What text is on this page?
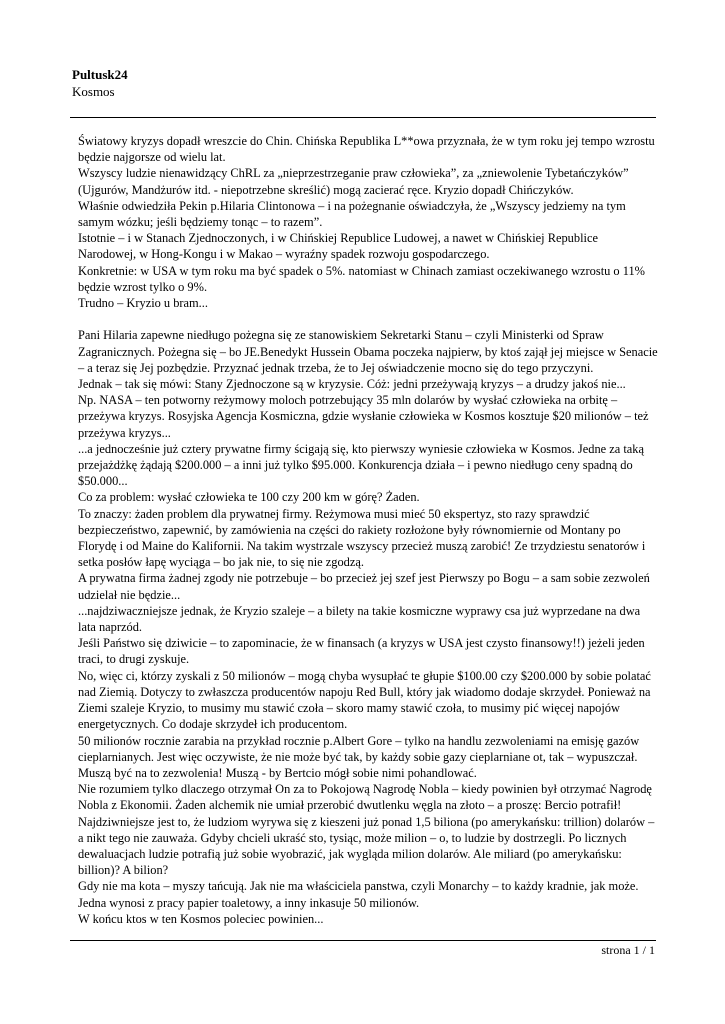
Pultusk24
Kosmos

Światowy kryzys dopadł wreszcie do Chin. Chińska Republika L**owa przyznała, że w tym roku jej tempo wzrostu będzie najgorsze od wielu lat.

Wszyscy ludzie nienawidzący ChRL za „nieprzestrzeganie praw człowieka”, za „zniewolenie Tybetańczyków” (Ujgurów, Mandżurów itd. - niepotrzebne skreślić) mogą zacierać ręce. Kryzio dopadł Chińczyków.

Właśnie odwiedziła Pekin p.Hilaria Clintonowa – i na pożegnanie oświadczyła, że „Wszyscy jedziemy na tym samym wózku; jeśli będziemy tonąc – to razem”.

Istotnie – i w Stanach Zjednoczonych, i w Chińskiej Republice Ludowej, a nawet w Chińskiej Republice Narodowej, w Hong-Kongu i w Makao – wyraźny spadek rozwoju gospodarczego.

Konkretnie: w USA w tym roku ma być spadek o 5%. natomiast w Chinach zamiast oczekiwanego wzrostu o 11% będzie wzrost tylko o 9%.

Trudno – Kryzio u bram...

Pani Hilaria zapewne niedługo pożegna się ze stanowiskiem Sekretarki Stanu – czyli Ministerki od Spraw Zagranicznych. Pożegna się – bo JE.Benedykt Hussein Obama poczeka najpierw, by ktoś zajął jej miejsce w Senacie – a teraz się Jej pozbędzie. Przyznać jednak trzeba, że to Jej oświadczenie mocno się do tego przyczyni.

Jednak – tak się mówi: Stany Zjednoczone są w kryzysie. Cóż: jedni przeżywają kryzys – a drudzy jakoś nie...

Np. NASA – ten potworny reżymowy moloch potrzebujący 35 mln dolarów by wysłać człowieka na orbitę – przeżywa kryzys. Rosyjska Agencja Kosmiczna, gdzie wysłanie człowieka w Kosmos kosztuje $20 milionów – też przeżywa kryzys...

...a jednocześnie już cztery prywatne firmy ścigają się, kto pierwszy wyniesie człowieka w Kosmos. Jedne za taką przejażdżkę żądają $200.000 – a inni już tylko $95.000. Konkurencja działa – i pewno niedługo ceny spadną do $50.000...

Co za problem: wysłać człowieka te 100 czy 200 km w górę? Żaden.

To znaczy: żaden problem dla prywatnej firmy. Reżymowa musi mieć 50 ekspertyz, sto razy sprawdzić bezpieczeństwo, zapewnić, by zamówienia na części do rakiety rozłożone były równomiernie od Montany po Florydę i od Maine do Kalifornii. Na takim wystrzale wszyscy przecież muszą zarobić! Ze trzydziestu senatorów i setka posłów łapę wyciąga – bo jak nie, to się nie zgodzą.

A prywatna firma żadnej zgody nie potrzebuje – bo przecież jej szef jest Pierwszy po Bogu – a sam sobie zezwoleń udzielał nie będzie...

...najdziwaczniejsze jednak, że Kryzio szaleje – a bilety na takie kosmiczne wyprawy csa już wyprzedane na dwa lata naprzód.

Jeśli Państwo się dziwicie – to zapominacie, że w finansach (a kryzys w USA jest czysto finansowy!!) jeżeli jeden traci, to drugi zyskuje.

No, więc ci, którzy zyskali z 50 milionów – mogą chyba wysupłać te głupie $100.00 czy $200.000 by sobie polatać nad Ziemią. Dotyczy to zwłaszcza producentów napoju Red Bull, który jak wiadomo dodaje skrzydeł. Ponieważ na Ziemi szaleje Kryzio, to musimy mu stawić czoła – skoro mamy stawić czoła, to musimy pić więcej napojów energetycznych. Co dodaje skrzydeł ich producentom.

50 milionów rocznie zarabia na przykład rocznie p.Albert Gore – tylko na handlu zezwoleniami na emisję gazów cieplarnianych. Jest więc oczywiste, że nie może być tak, by każdy sobie gazy cieplarniane ot, tak – wypuszczał. Muszą być na to zezwolenia! Muszą - by Bertcio mógł sobie nimi pohandlować.

Nie rozumiem tylko dlaczego otrzymał On za to Pokojową Nagrodę Nobla – kiedy powinien był otrzymać Nagrodę Nobla z Ekonomii. Żaden alchemik nie umiał przerobić dwutlenku węgla na złoto – a proszę: Bercio potrafił!

Najdziwniejsze jest to, że ludziom wyrywa się z kieszeni już ponad 1,5 biliona (po amerykańsku: trillion) dolarów – a nikt tego nie zauważa. Gdyby chcieli ukraść sto, tysiąc, może milion – o, to ludzie by dostrzegli. Po licznych dewaluacjach ludzie potrafią już sobie wyobrazić, jak wygląda milion dolarów. Ale miliard (po amerykańsku: billion)? A bilion?

Gdy nie ma kota – myszy tańcują. Jak nie ma właściciela panstwa, czyli Monarchy – to każdy kradnie, jak może. Jedna wynosi z pracy papier toaletowy, a inny inkasuje 50 milionów.

W końcu ktos w ten Kosmos poleciec powinien...

strona 1 / 1
